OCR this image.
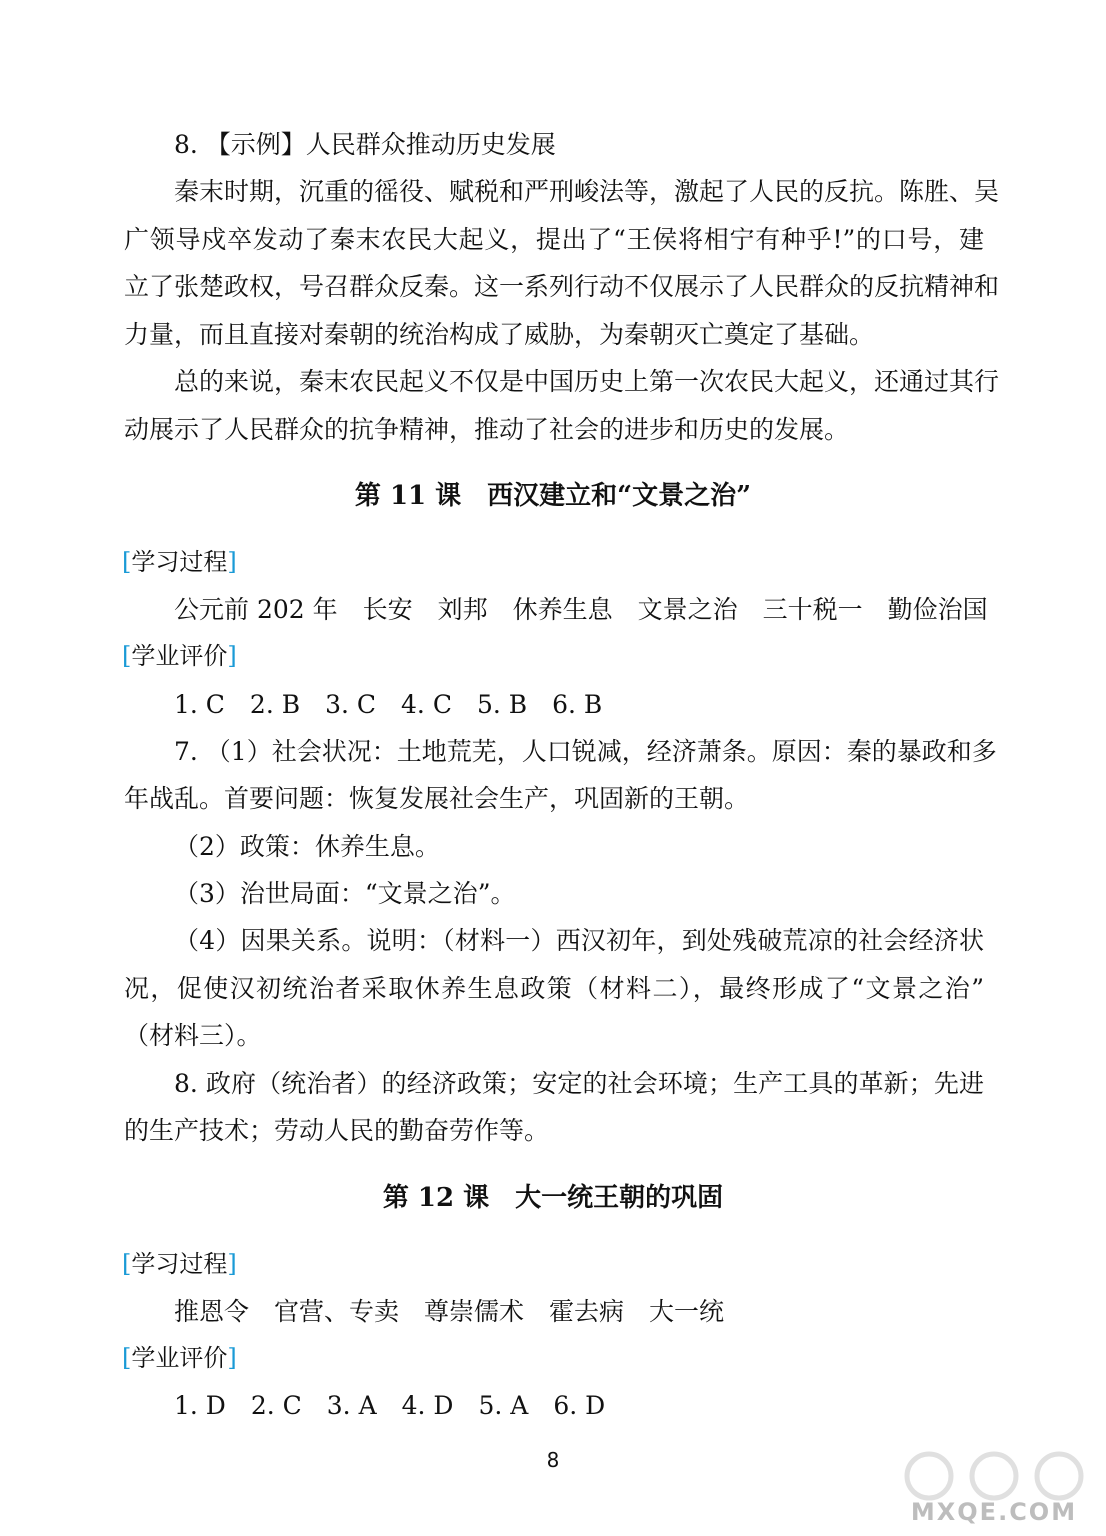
8. 【示例】人民群众推动历史发展

秦末时期，沉重的徭役、赋税和严刑峻法等，激起了人民的反抗。陈胜、吴

广领导戍卒发动了秦末农民大起义，提出了“王侯将相宁有种乎!”的口号，建

立了张楚政权，号召群众反秦。这一系列行动不仅展示了人民群众的反抗精神和

力量，而且直接对秦朝的统治构成了威胁，为秦朝灭亡奠定了基础。

总的来说，秦末农民起义不仅是中国历史上第一次农民大起义，还通过其行

动展示了人民群众的抗争精神，推动了社会的进步和历史的发展。

第 11 课　西汉建立和“文景之治”

[学习过程]

公元前 202 年　长安　刘邦　休养生息　文景之治　三十税一　勤俭治国

[学业评价]

1. C　2. B　3. C　4. C　5. B　6. B

7. （1）社会状况：土地荒芜，人口锐减，经济萧条。原因：秦的暴政和多

年战乱。首要问题：恢复发展社会生产，巩固新的王朝。

（2）政策：休养生息。

（3）治世局面：“文景之治”。

（4）因果关系。说明：（材料一）西汉初年，到处残破荒凉的社会经济状

况，促使汉初统治者采取休养生息政策（材料二），最终形成了“文景之治”

（材料三）。

8. 政府（统治者）的经济政策；安定的社会环境；生产工具的革新；先进

的生产技术；劳动人民的勤奋劳作等。

第 12 课　大一统王朝的巩固

[学习过程]

推恩令　官营、专卖　尊崇儒术　霍去病　大一统

[学业评价]

1. D　2. C　3. A　4. D　5. A　6. D

8
MXQE.COM
